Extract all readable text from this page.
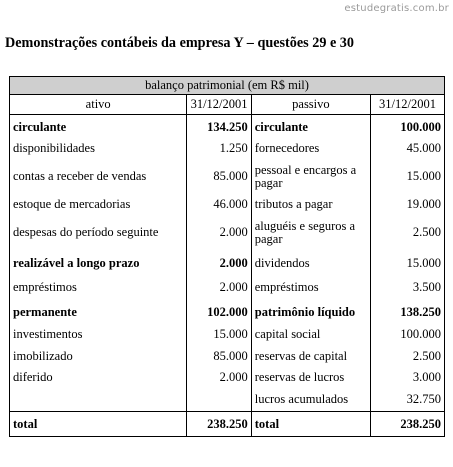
estudegratis.com.br
Demonstrações contábeis da empresa Y – questões 29 e 30
balanço patrimonial (em R$ mil)			
ativo	31/12/2001	passivo	31/12/2001
circulante	134.250	circulante	100.000
disponibilidades	1.250	fornecedores	45.000
contas a receber de vendas	85.000	pessoal e encargos a pagar	15.000
estoque de mercadorias	46.000	tributos a pagar	19.000
despesas do período seguinte	2.000	aluguéis e seguros a pagar	2.500
realizável a longo prazo	2.000	dividendos	15.000
empréstimos	2.000	empréstimos	3.500
permanente	102.000	patrimônio líquido	138.250
investimentos	15.000	capital social	100.000
imobilizado	85.000	reservas de capital	2.500
diferido	2.000	reservas de lucros	3.000
		lucros acumulados	32.750
total	238.250	total	238.250
